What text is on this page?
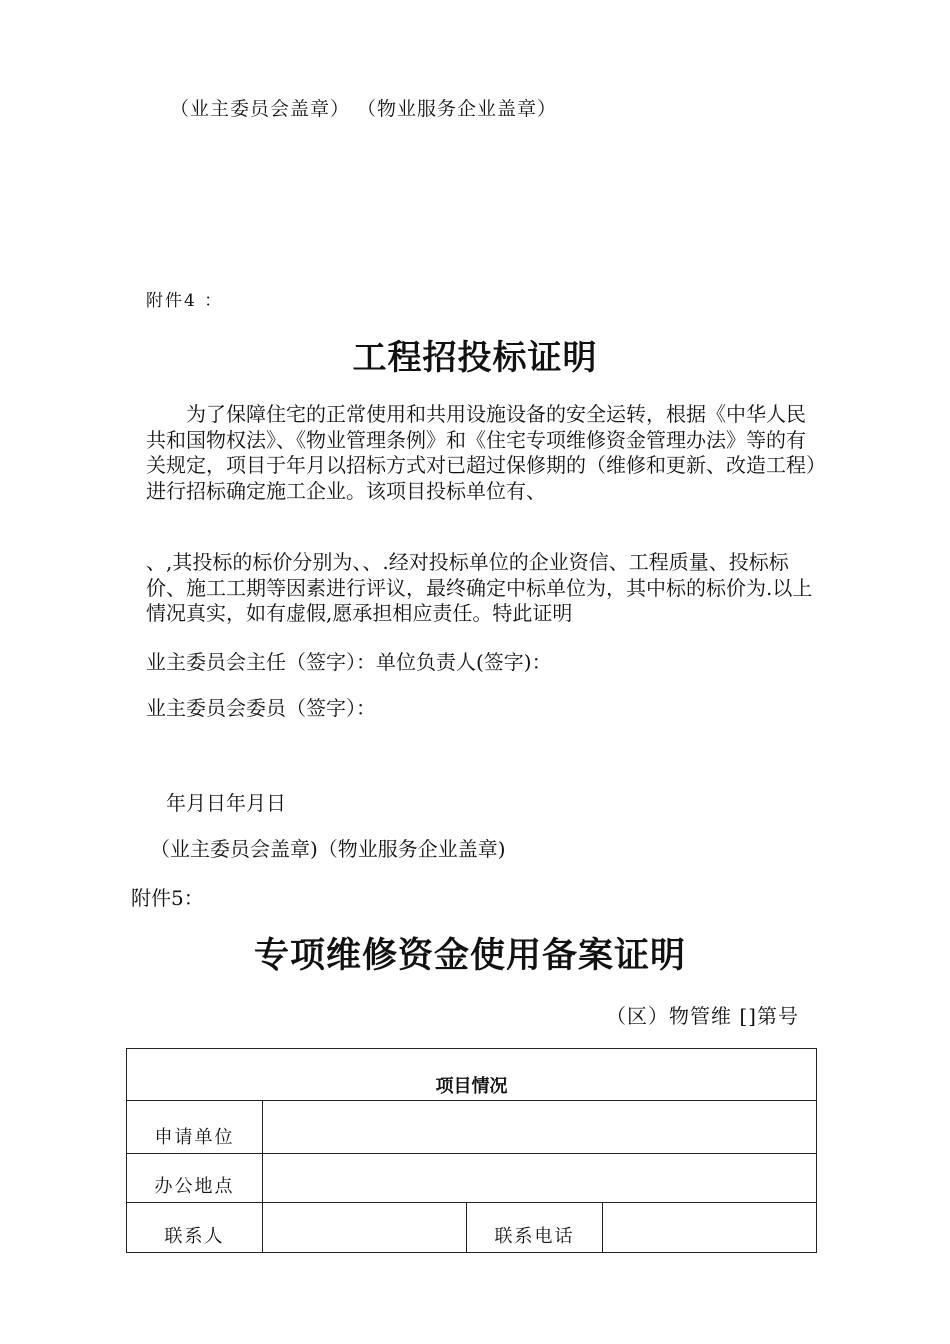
（业主委员会盖章） （物业服务企业盖章）
附件4 ：
工程招投标证明
为了保障住宅的正常使用和共用设施设备的安全运转，根据《中华人民共和国物权法》、《物业管理条例》和《住宅专项维修资金管理办法》等的有关规定，项目于年月以招标方式对已超过保修期的（维修和更新、改造工程）进行招标确定施工企业。该项目投标单位有、
、,其投标的标价分别为、、.经对投标单位的企业资信、工程质量、投标标价、施工工期等因素进行评议，最终确定中标单位为，其中标的标价为.以上情况真实，如有虚假,愿承担相应责任。特此证明
业主委员会主任（签字）：单位负责人(签字)：
业主委员会委员（签字）：
年月日年月日
（业主委员会盖章)（物业服务企业盖章)
附件5：
专项维修资金使用备案证明
（区）物管维 []第号
项目情况			
申请单位			
办公地点			
联系人		联系电话	
